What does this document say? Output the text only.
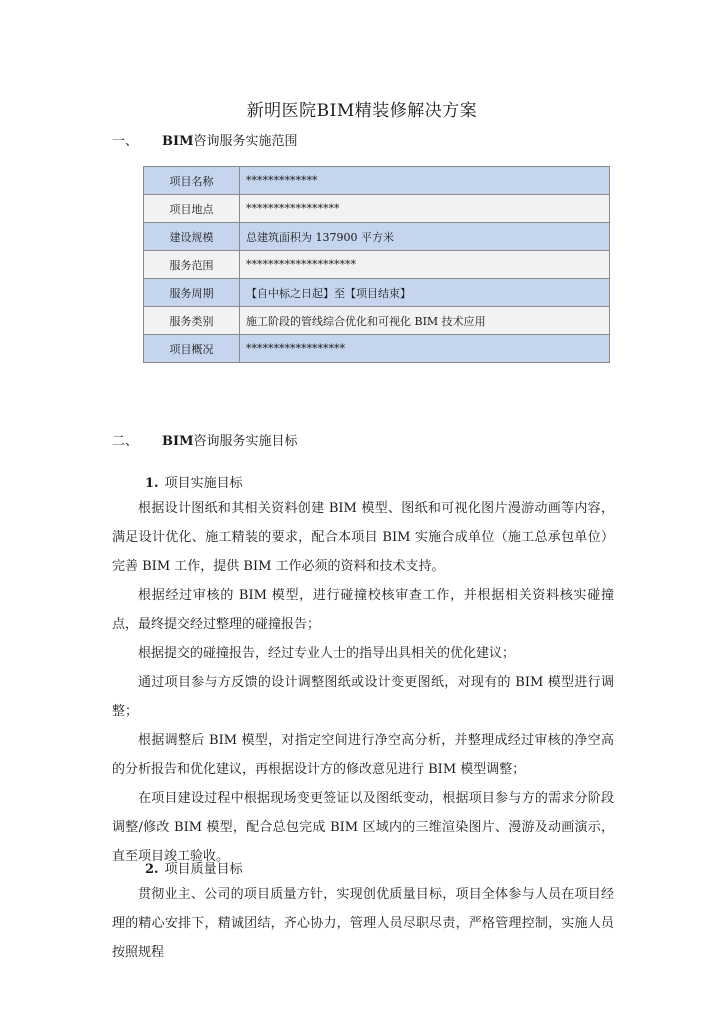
新明医院BIM精装修解决方案
一、 BIM咨询服务实施范围
项目名称	*************
项目地点	*****************
建设规模	总建筑面积为 137900 平方米
服务范围	********************
服务周期	【自中标之日起】至【项目结束】
服务类别	施工阶段的管线综合优化和可视化 BIM 技术应用
项目概况	******************
二、 BIM咨询服务实施目标
1. 项目实施目标

根据设计图纸和其相关资料创建 BIM 模型、图纸和可视化图片漫游动画等内容，满足设计优化、施工精装的要求，配合本项目 BIM 实施合成单位（施工总承包单位）完善 BIM 工作，提供 BIM 工作必须的资料和技术支持。

根据经过审核的 BIM 模型，进行碰撞校核审查工作，并根据相关资料核实碰撞点，最终提交经过整理的碰撞报告；

根据提交的碰撞报告，经过专业人士的指导出具相关的优化建议；

通过项目参与方反馈的设计调整图纸或设计变更图纸，对现有的 BIM 模型进行调整；

根据调整后 BIM 模型，对指定空间进行净空高分析，并整理成经过审核的净空高的分析报告和优化建议，再根据设计方的修改意见进行 BIM 模型调整；

在项目建设过程中根据现场变更签证以及图纸变动，根据项目参与方的需求分阶段调整/修改 BIM 模型，配合总包完成 BIM 区域内的三维渲染图片、漫游及动画演示，直至项目竣工验收。

2. 项目质量目标

贯彻业主、公司的项目质量方针，实现创优质量目标，项目全体参与人员在项目经理的精心安排下，精诚团结，齐心协力，管理人员尽职尽责，严格管理控制，实施人员按照规程
